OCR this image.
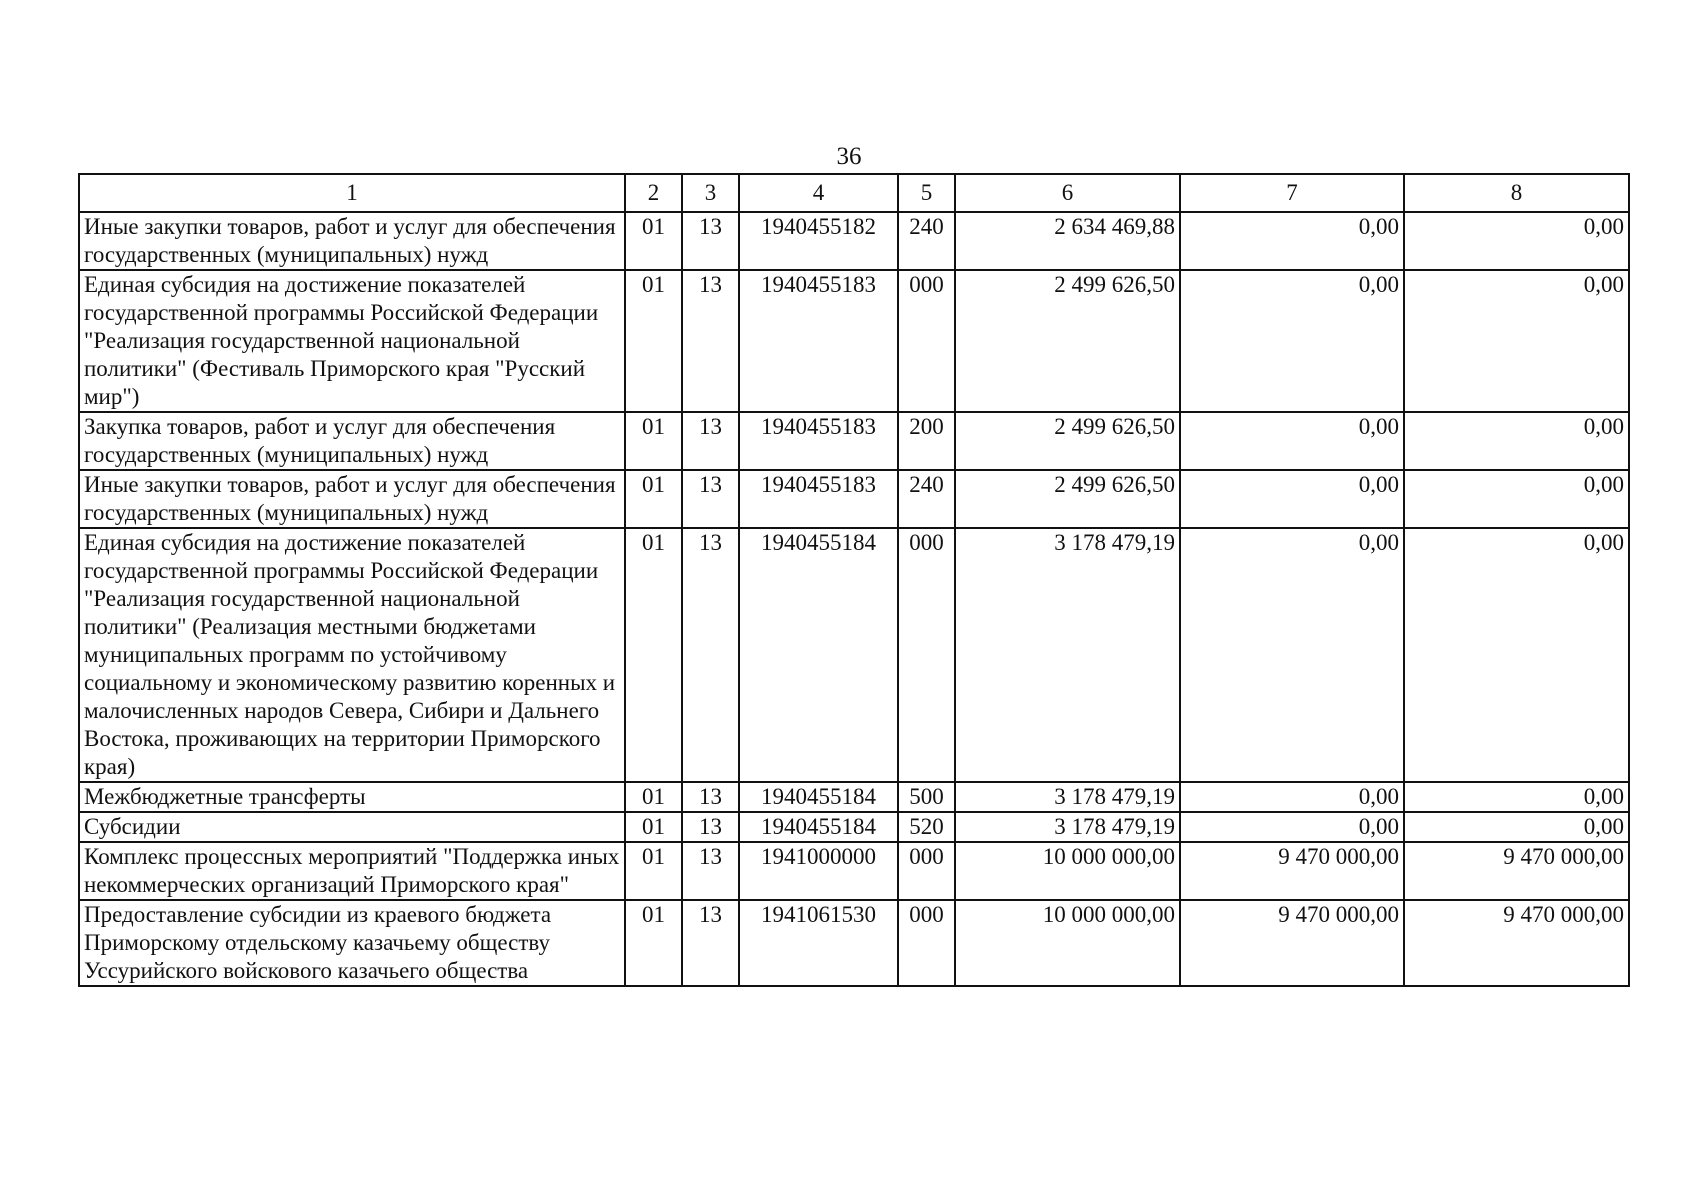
36
1	2	3	4	5	6	7	8
Иные закупки товаров, работ и услуг для обеспечения государственных (муниципальных) нужд	01	13	1940455182	240	2 634 469,88	0,00	0,00
Единая субсидия на достижение показателей государственной программы Российской Федерации "Реализация государственной национальной политики" (Фестиваль Приморского края "Русский мир")	01	13	1940455183	000	2 499 626,50	0,00	0,00
Закупка товаров, работ и услуг для обеспечения государственных (муниципальных) нужд	01	13	1940455183	200	2 499 626,50	0,00	0,00
Иные закупки товаров, работ и услуг для обеспечения государственных (муниципальных) нужд	01	13	1940455183	240	2 499 626,50	0,00	0,00
Единая субсидия на достижение показателей государственной программы Российской Федерации "Реализация государственной национальной политики" (Реализация местными бюджетами муниципальных программ по устойчивому социальному и экономическому развитию коренных и малочисленных народов Севера, Сибири и Дальнего Востока, проживающих на территории Приморского края)	01	13	1940455184	000	3 178 479,19	0,00	0,00
Межбюджетные трансферты	01	13	1940455184	500	3 178 479,19	0,00	0,00
Субсидии	01	13	1940455184	520	3 178 479,19	0,00	0,00
Комплекс процессных мероприятий "Поддержка иных некоммерческих организаций Приморского края"	01	13	1941000000	000	10 000 000,00	9 470 000,00	9 470 000,00
Предоставление субсидии из краевого бюджета Приморскому отдельскому казачьему обществу Уссурийского войскового казачьего общества	01	13	1941061530	000	10 000 000,00	9 470 000,00	9 470 000,00
